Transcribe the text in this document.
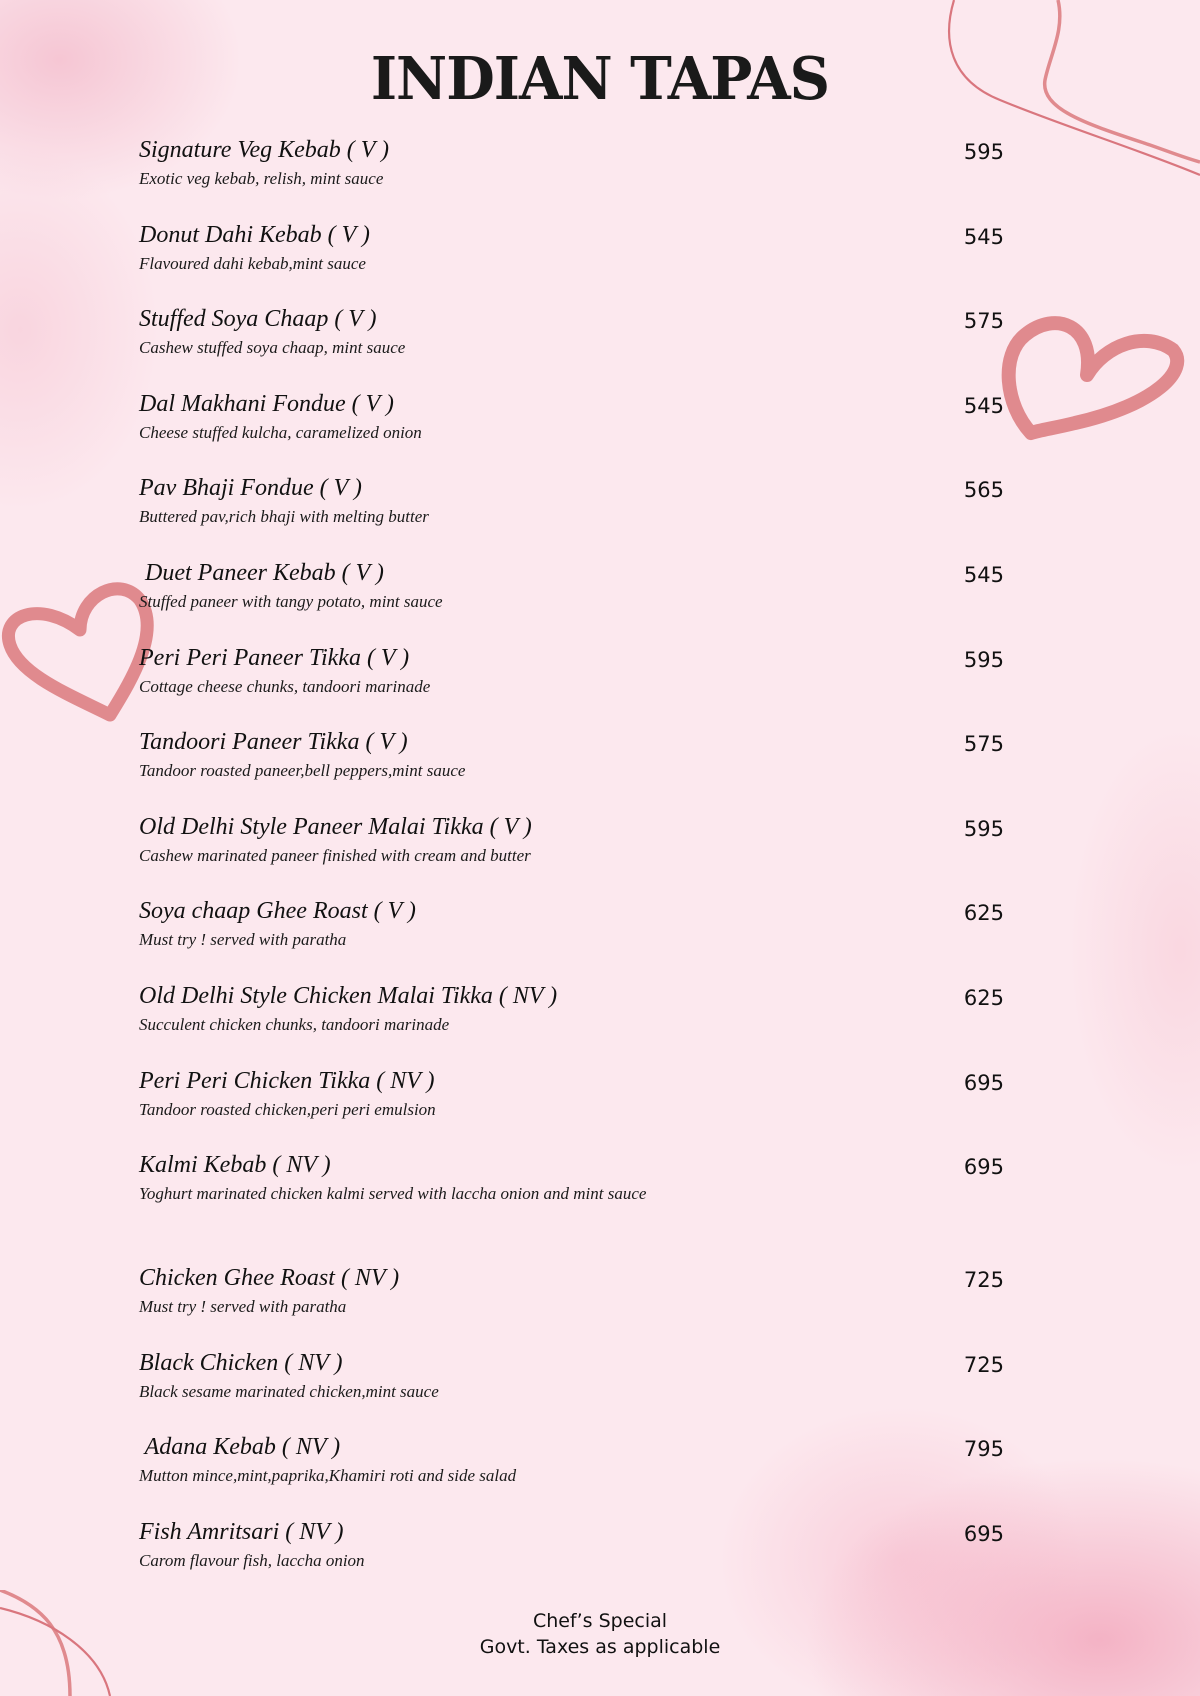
INDIAN TAPAS
Signature Veg Kebab ( V )
Exotic veg kebab, relish, mint sauce
595
Donut Dahi Kebab ( V )
Flavoured dahi kebab,mint sauce
545
Stuffed Soya Chaap ( V )
Cashew stuffed soya chaap, mint sauce
575
Dal Makhani Fondue ( V )
Cheese stuffed kulcha, caramelized onion
545
Pav Bhaji Fondue ( V )
Buttered pav,rich bhaji with melting butter
565
Duet Paneer Kebab ( V )
Stuffed paneer with tangy potato, mint sauce
545
Peri Peri Paneer Tikka ( V )
Cottage cheese chunks, tandoori marinade
595
Tandoori Paneer Tikka ( V )
Tandoor roasted paneer,bell peppers,mint sauce
575
Old Delhi Style Paneer Malai Tikka ( V )
Cashew marinated paneer finished with cream and butter
595
Soya chaap Ghee Roast ( V )
Must try ! served with paratha
625
Old Delhi Style Chicken Malai Tikka ( NV )
Succulent chicken chunks, tandoori marinade
625
Peri Peri Chicken Tikka ( NV )
Tandoor roasted chicken,peri peri emulsion
695
Kalmi Kebab ( NV )
Yoghurt marinated chicken kalmi served with laccha onion and mint sauce
695
Chicken Ghee Roast ( NV )
Must try ! served with paratha
725
Black Chicken ( NV )
Black sesame marinated chicken,mint sauce
725
Adana Kebab ( NV )
Mutton mince,mint,paprika,Khamiri roti and side salad
795
Fish Amritsari ( NV )
Carom flavour fish, laccha onion
695
Chef’s Special
Govt. Taxes as applicable
